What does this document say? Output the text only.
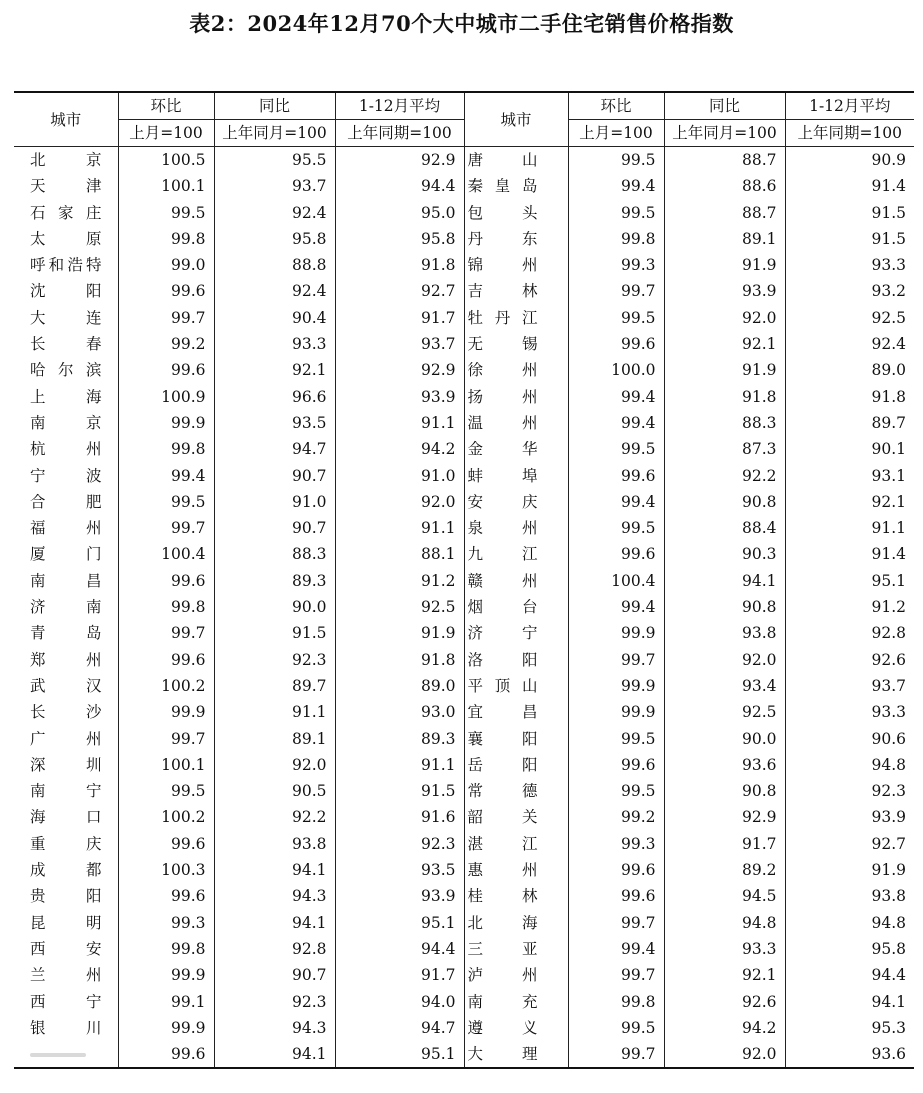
表2：2024年12月70个大中城市二手住宅销售价格指数
城市	环比	同比	1-12月平均	城市	环比	同比	1-12月平均
	上月=100	上年同月=100	上年同期=100		上月=100	上年同月=100	上年同期=100

北京	100.5	95.5	92.9	唐山	99.5	88.7	90.9

天津	100.1	93.7	94.4	秦皇岛	99.4	88.6	91.4

石家庄	99.5	92.4	95.0	包头	99.5	88.7	91.5

太原	99.8	95.8	95.8	丹东	99.8	89.1	91.5

呼和浩特	99.0	88.8	91.8	锦州	99.3	91.9	93.3

沈阳	99.6	92.4	92.7	吉林	99.7	93.9	93.2

大连	99.7	90.4	91.7	牡丹江	99.5	92.0	92.5

长春	99.2	93.3	93.7	无锡	99.6	92.1	92.4

哈尔滨	99.6	92.1	92.9	徐州	100.0	91.9	89.0

上海	100.9	96.6	93.9	扬州	99.4	91.8	91.8

南京	99.9	93.5	91.1	温州	99.4	88.3	89.7

杭州	99.8	94.7	94.2	金华	99.5	87.3	90.1

宁波	99.4	90.7	91.0	蚌埠	99.6	92.2	93.1

合肥	99.5	91.0	92.0	安庆	99.4	90.8	92.1

福州	99.7	90.7	91.1	泉州	99.5	88.4	91.1

厦门	100.4	88.3	88.1	九江	99.6	90.3	91.4

南昌	99.6	89.3	91.2	赣州	100.4	94.1	95.1

济南	99.8	90.0	92.5	烟台	99.4	90.8	91.2

青岛	99.7	91.5	91.9	济宁	99.9	93.8	92.8

郑州	99.6	92.3	91.8	洛阳	99.7	92.0	92.6

武汉	100.2	89.7	89.0	平顶山	99.9	93.4	93.7

长沙	99.9	91.1	93.0	宜昌	99.9	92.5	93.3

广州	99.7	89.1	89.3	襄阳	99.5	90.0	90.6

深圳	100.1	92.0	91.1	岳阳	99.6	93.6	94.8

南宁	99.5	90.5	91.5	常德	99.5	90.8	92.3

海口	100.2	92.2	91.6	韶关	99.2	92.9	93.9

重庆	99.6	93.8	92.3	湛江	99.3	91.7	92.7

成都	100.3	94.1	93.5	惠州	99.6	89.2	91.9

贵阳	99.6	94.3	93.9	桂林	99.6	94.5	93.8

昆明	99.3	94.1	95.1	北海	99.7	94.8	94.8

西安	99.8	92.8	94.4	三亚	99.4	93.3	95.8

兰州	99.9	90.7	91.7	泸州	99.7	92.1	94.4

西宁	99.1	92.3	94.0	南充	99.8	92.6	94.1

银川	99.9	94.3	94.7	遵义	99.5	94.2	95.3

	99.6	94.1	95.1	大理	99.7	92.0	93.6
